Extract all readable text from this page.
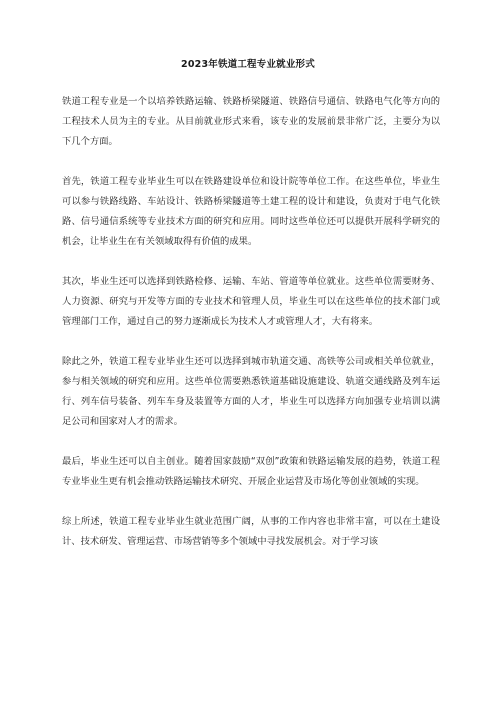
2023年铁道工程专业就业形式

铁道工程专业是一个以培养铁路运输、铁路桥梁隧道、铁路信号通信、铁路电气化等方向的工程技术人员为主的专业。从目前就业形式来看，该专业的发展前景非常广泛，主要分为以下几个方面。

首先，铁道工程专业毕业生可以在铁路建设单位和设计院等单位工作。在这些单位，毕业生可以参与铁路线路、车站设计、铁路桥梁隧道等土建工程的设计和建设，负责对于电气化铁路、信号通信系统等专业技术方面的研究和应用。同时这些单位还可以提供开展科学研究的机会，让毕业生在有关领域取得有价值的成果。

其次，毕业生还可以选择到铁路检修、运输、车站、管道等单位就业。这些单位需要财务、人力资源、研究与开发等方面的专业技术和管理人员，毕业生可以在这些单位的技术部门或管理部门工作，通过自己的努力逐渐成长为技术人才或管理人才，大有将来。

除此之外，铁道工程专业毕业生还可以选择到城市轨道交通、高铁等公司或相关单位就业，参与相关领域的研究和应用。这些单位需要熟悉铁道基础设施建设、轨道交通线路及列车运行、列车信号装备、列车车身及装置等方面的人才，毕业生可以选择方向加强专业培训以满足公司和国家对人才的需求。

最后，毕业生还可以自主创业。随着国家鼓励“双创”政策和铁路运输发展的趋势，铁道工程专业毕业生更有机会推动铁路运输技术研究、开展企业运营及市场化等创业领域的实现。

综上所述，铁道工程专业毕业生就业范围广阔，从事的工作内容也非常丰富，可以在土建设计、技术研发、管理运营、市场营销等多个领域中寻找发展机会。对于学习该
